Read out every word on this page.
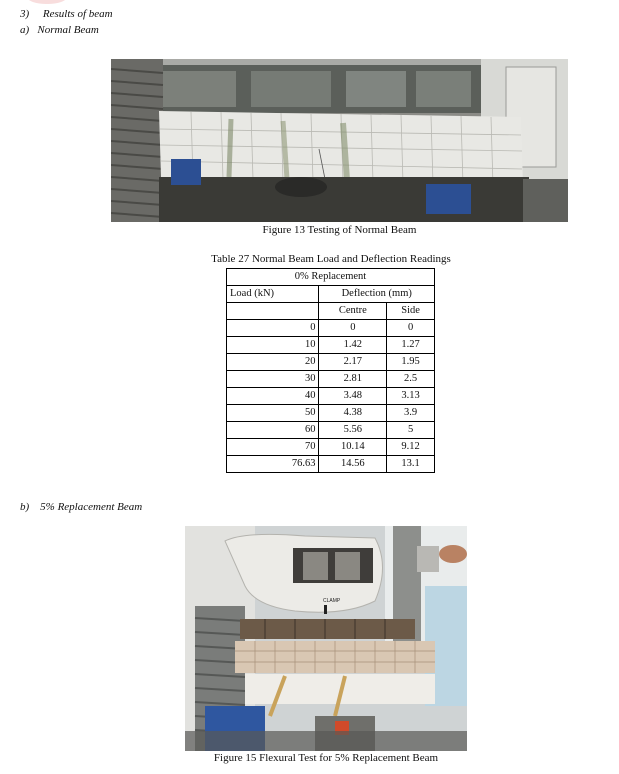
3)     Results of beam
a)   Normal Beam
Figure 13 Testing of Normal Beam
Table 27 Normal Beam Load and Deflection Readings
0% Replacement		
Load (kN)	Deflection (mm)	
	Centre	Side
0	0	0
10	1.42	1.27
20	2.17	1.95
30	2.81	2.5
40	3.48	3.13
50	4.38	3.9
60	5.56	5
70	10.14	9.12
76.63	14.56	13.1
b)    5% Replacement Beam
CLAMP
Figure 15 Flexural Test for 5% Replacement Beam
